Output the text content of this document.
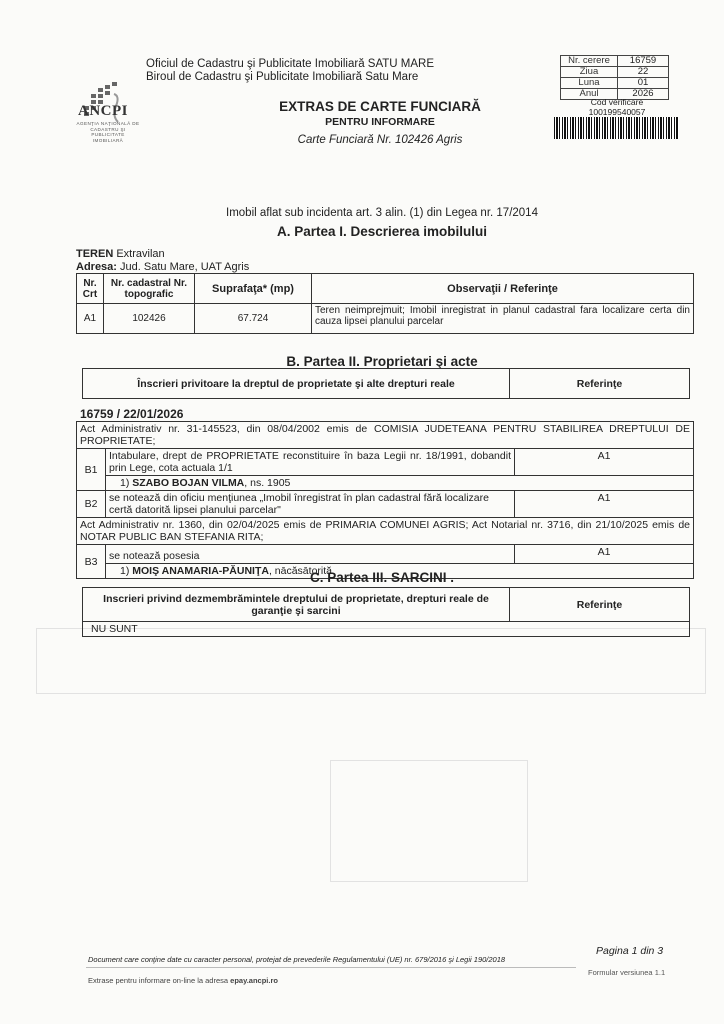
ANCPI
AGENŢIA NAŢIONALĂ DE CADASTRU ŞI PUBLICITATE IMOBILIARĂ
Oficiul de Cadastru şi Publicitate Imobiliară SATU MARE
Biroul de Cadastru şi Publicitate Imobiliară Satu Mare
EXTRAS DE CARTE FUNCIARĂ
PENTRU INFORMARE
Carte Funciară Nr. 102426 Agris
Nr. cerere	16759
Ziua	22
Luna	01
Anul	2026
Cod verificare
100199540057
Imobil aflat sub incidenta art. 3 alin. (1) din Legea nr. 17/2014
A. Partea I. Descrierea imobilului
TEREN Extravilan
Adresa: Jud. Satu Mare, UAT Agris
Nr. Crt	Nr. cadastral Nr. topografic	Suprafaţa* (mp)	Observaţii / Referinţe
A1	102426	67.724	Teren neimprejmuit; Imobil inregistrat in planul cadastral fara localizare certa din cauza lipsei planului parcelar
B. Partea II. Proprietari şi acte
Înscrieri privitoare la dreptul de proprietate şi alte drepturi reale	Referinţe
16759 / 22/01/2026
Act Administrativ nr. 31-145523, din 08/04/2002 emis de COMISIA JUDETEANA PENTRU STABILIREA DREPTULUI DE PROPRIETATE;		
B1	Intabulare, drept de PROPRIETATE reconstituire în baza Legii nr. 18/1991, dobandit prin Lege, cota actuala 1/1	A1
	1) SZABO BOJAN VILMA, ns. 1905	
B2	se notează din oficiu menţiunea „Imobil înregistrat în plan cadastral fără localizare certă datorită lipsei planului parcelar"	A1
Act Administrativ nr. 1360, din 02/04/2025 emis de PRIMARIA COMUNEI AGRIS; Act Notarial nr. 3716, din 21/10/2025 emis de NOTAR PUBLIC BAN STEFANIA RITA;		
B3	se notează posesia	A1
	1) MOIŞ ANAMARIA-PĂUNIŢA, nācăsātorită	
C. Partea III. SARCINI .
Inscrieri privind dezmembrămintele dreptului de proprietate, drepturi reale de garanţie şi sarcini	Referinţe
NU SUNT
Document care conţine date cu caracter personal, protejat de prevederile Regulamentului (UE) nr. 679/2016 şi Legii 190/2018
Pagina 1 din 3
Formular versiunea 1.1
Extrase pentru informare on-line la adresa epay.ancpi.ro
